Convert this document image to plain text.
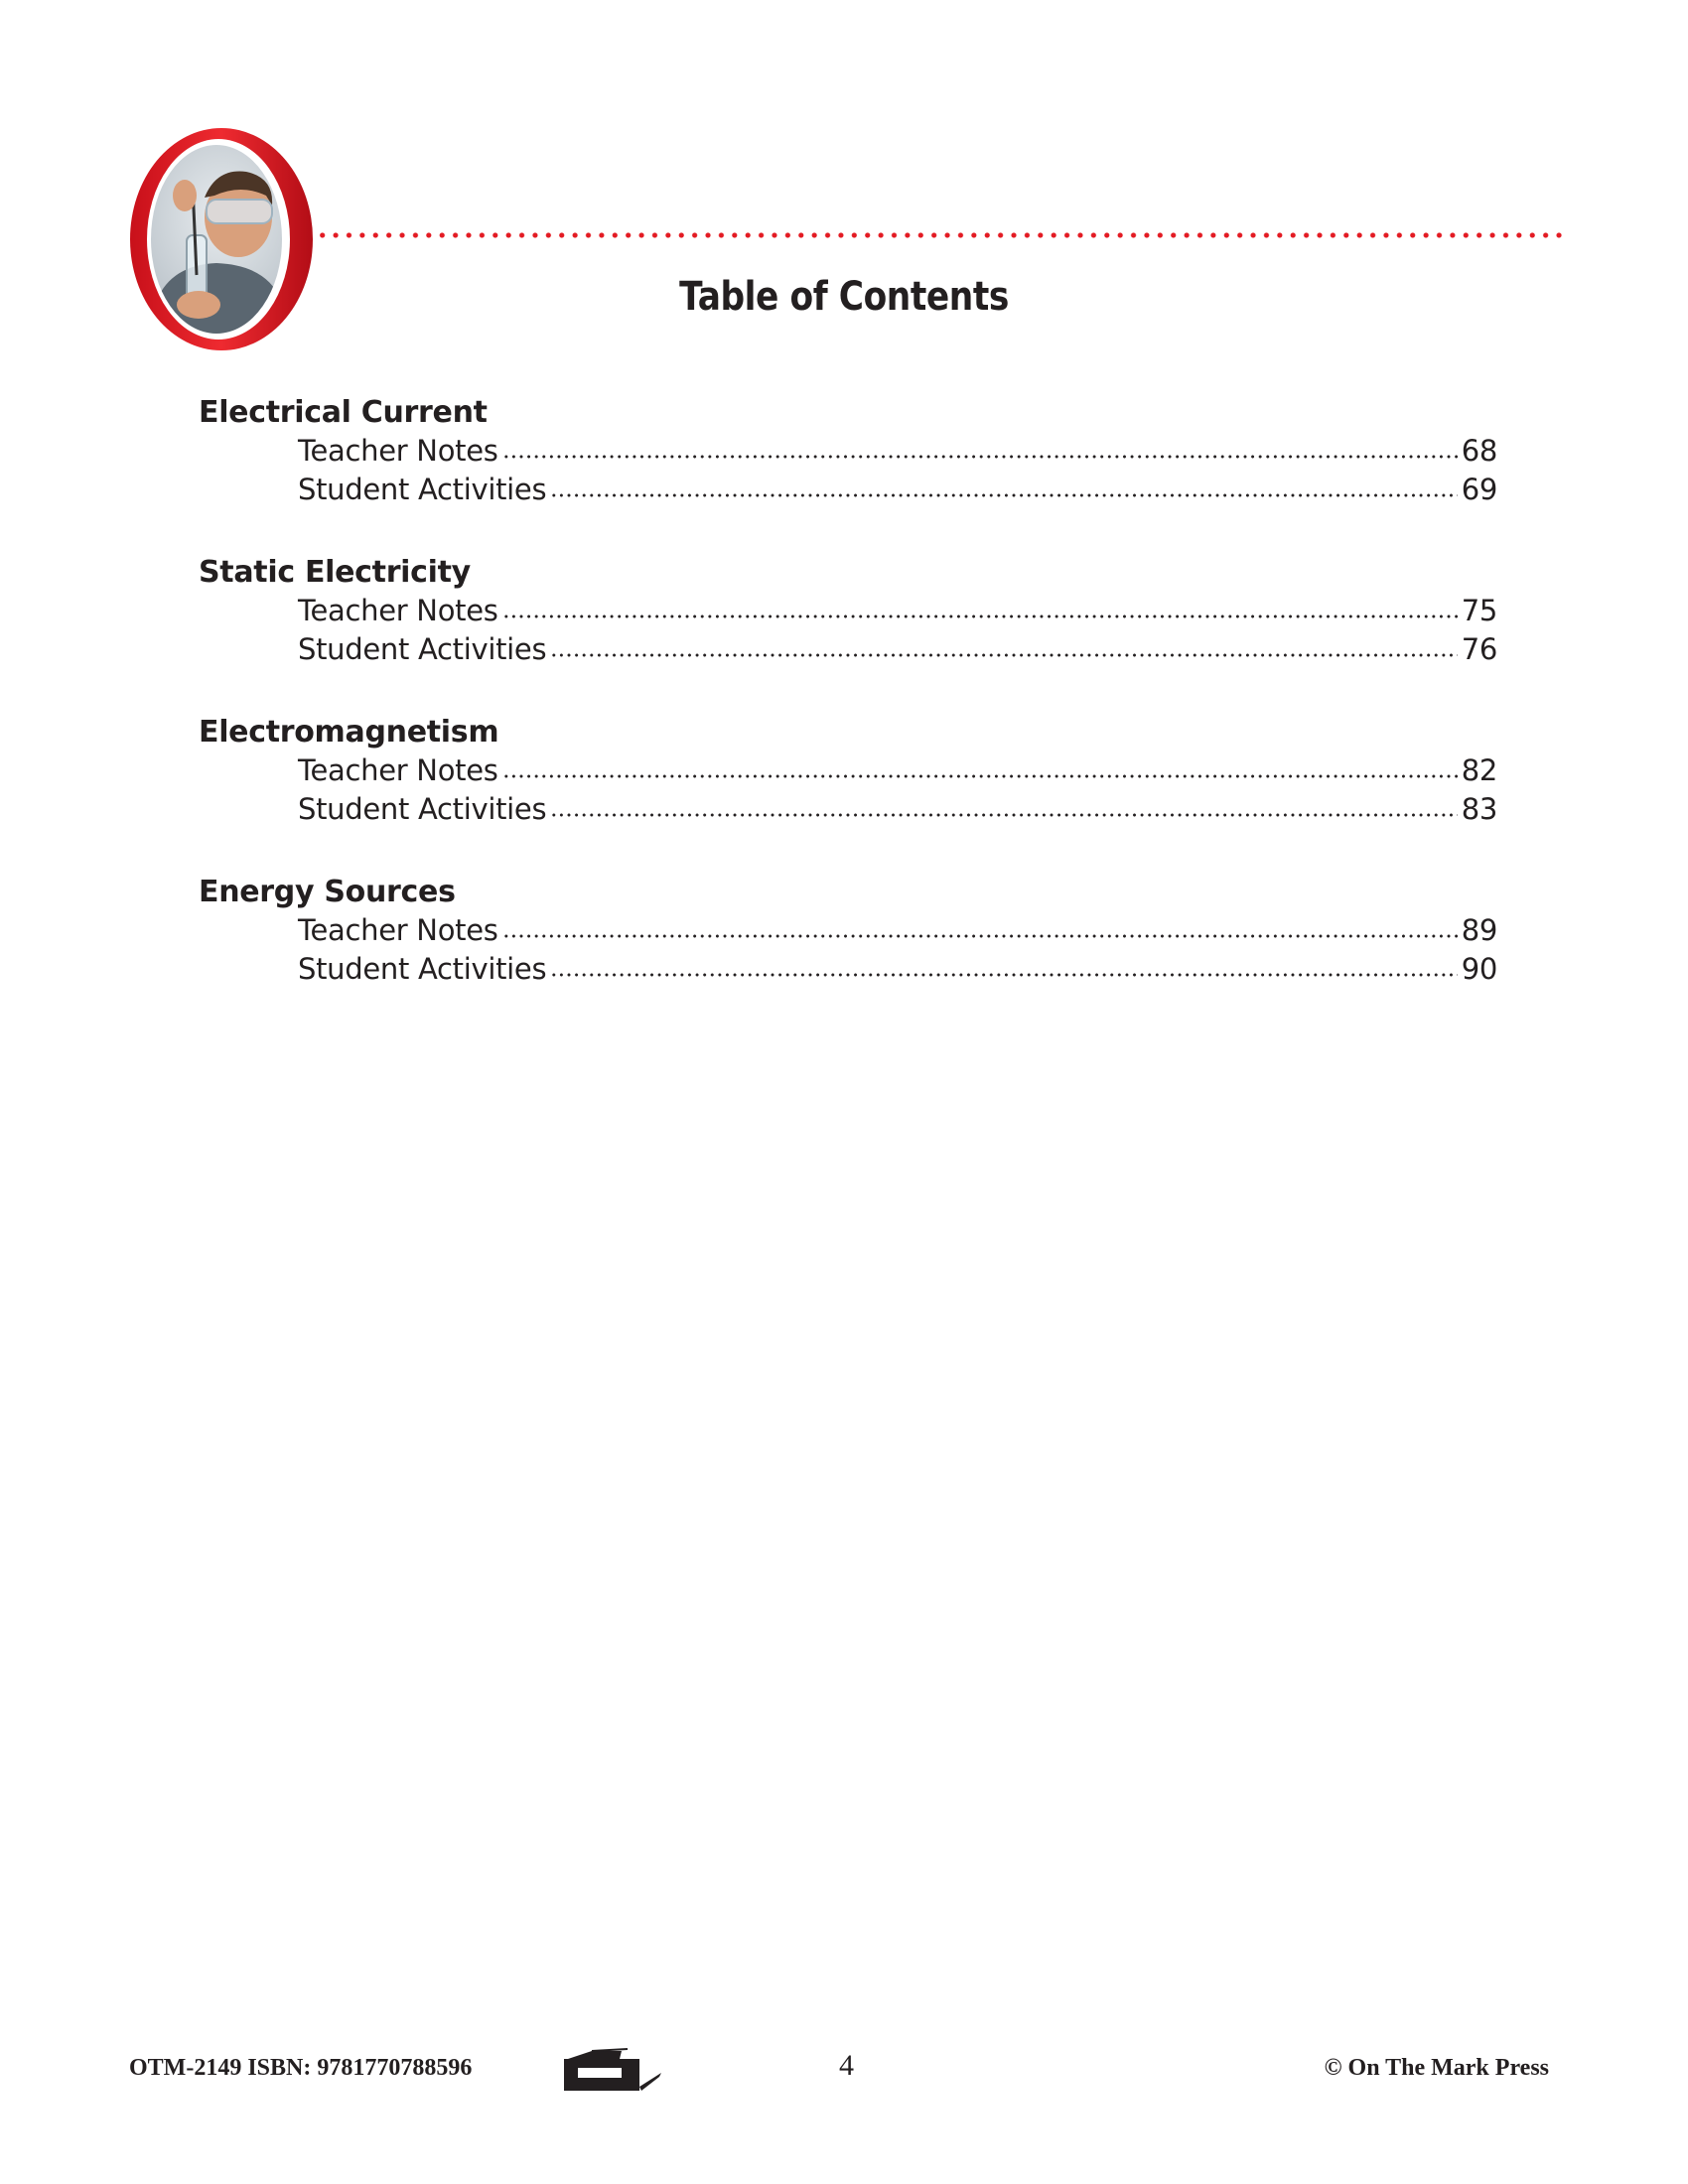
Table of Contents

Electrical Current

Teacher Notes	68
Student Activities	69

Static Electricity

Teacher Notes	75
Student Activities	76

Electromagnetism

Teacher Notes	82
Student Activities	83

Energy Sources

Teacher Notes	89
Student Activities	90
OTM-2149 ISBN: 9781770788596	4	© On The Mark Press
